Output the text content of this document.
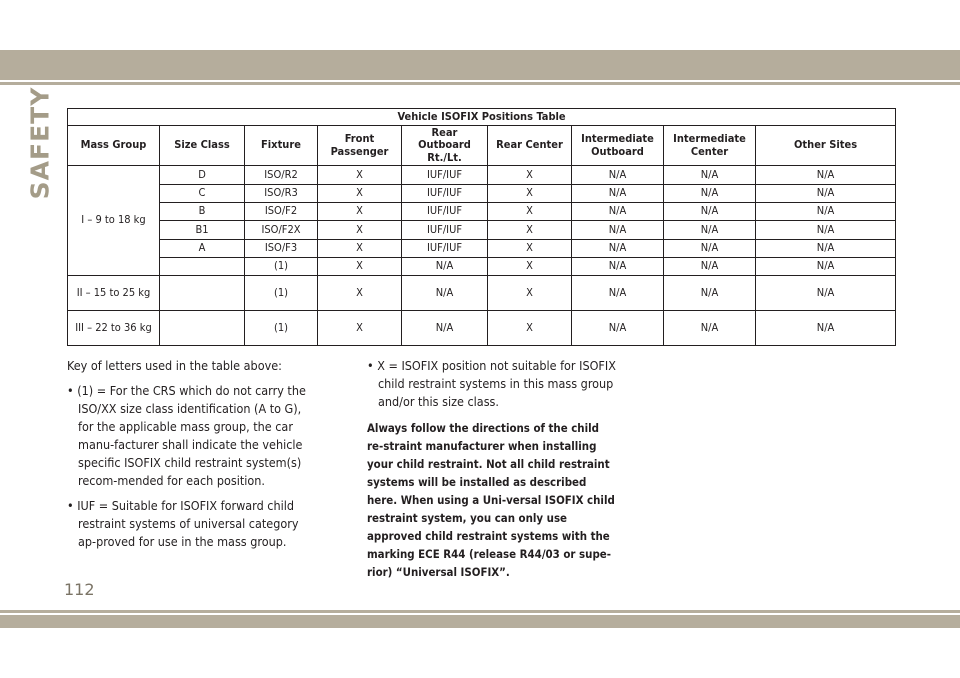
SAFETY	Vehicle ISOFIX Positions Table								
Mass Group	Size Class	Fixture	Front Passenger	Rear Outboard Rt./Lt.	Rear Center	Intermediate Outboard	Intermediate Center	Other Sites
I – 9 to 18 kg	D	ISO/R2	X	IUF/IUF	X	N/A	N/A	N/A
	C	ISO/R3	X	IUF/IUF	X	N/A	N/A	N/A
	B	ISO/F2	X	IUF/IUF	X	N/A	N/A	N/A
	B1	ISO/F2X	X	IUF/IUF	X	N/A	N/A	N/A
	A	ISO/F3	X	IUF/IUF	X	N/A	N/A	N/A
		(1)	X	N/A	X	N/A	N/A	N/A
II – 15 to 25 kg		(1)	X	N/A	X	N/A	N/A	N/A
III – 22 to 36 kg		(1)	X	N/A	X	N/A	N/A	N/A

Key of letters used in the table above:

• (1) = For the CRS which do not carry the ISO/XX size class identification (A to G), for the applicable mass group, the car manu-facturer shall indicate the vehicle specific ISOFIX child restraint system(s) recom-mended for each position.

• IUF = Suitable for ISOFIX forward child restraint systems of universal category ap-proved for use in the mass group.

• X = ISOFIX position not suitable for ISOFIX child restraint systems in this mass group and/or this size class.

Always follow the directions of the child re-straint manufacturer when installing your child restraint. Not all child restraint systems will be installed as described here. When using a Uni-versal ISOFIX child restraint system, you can only use approved child restraint systems with the marking ECE R44 (release R44/03 or supe-rior) “Universal ISOFIX”.

112
